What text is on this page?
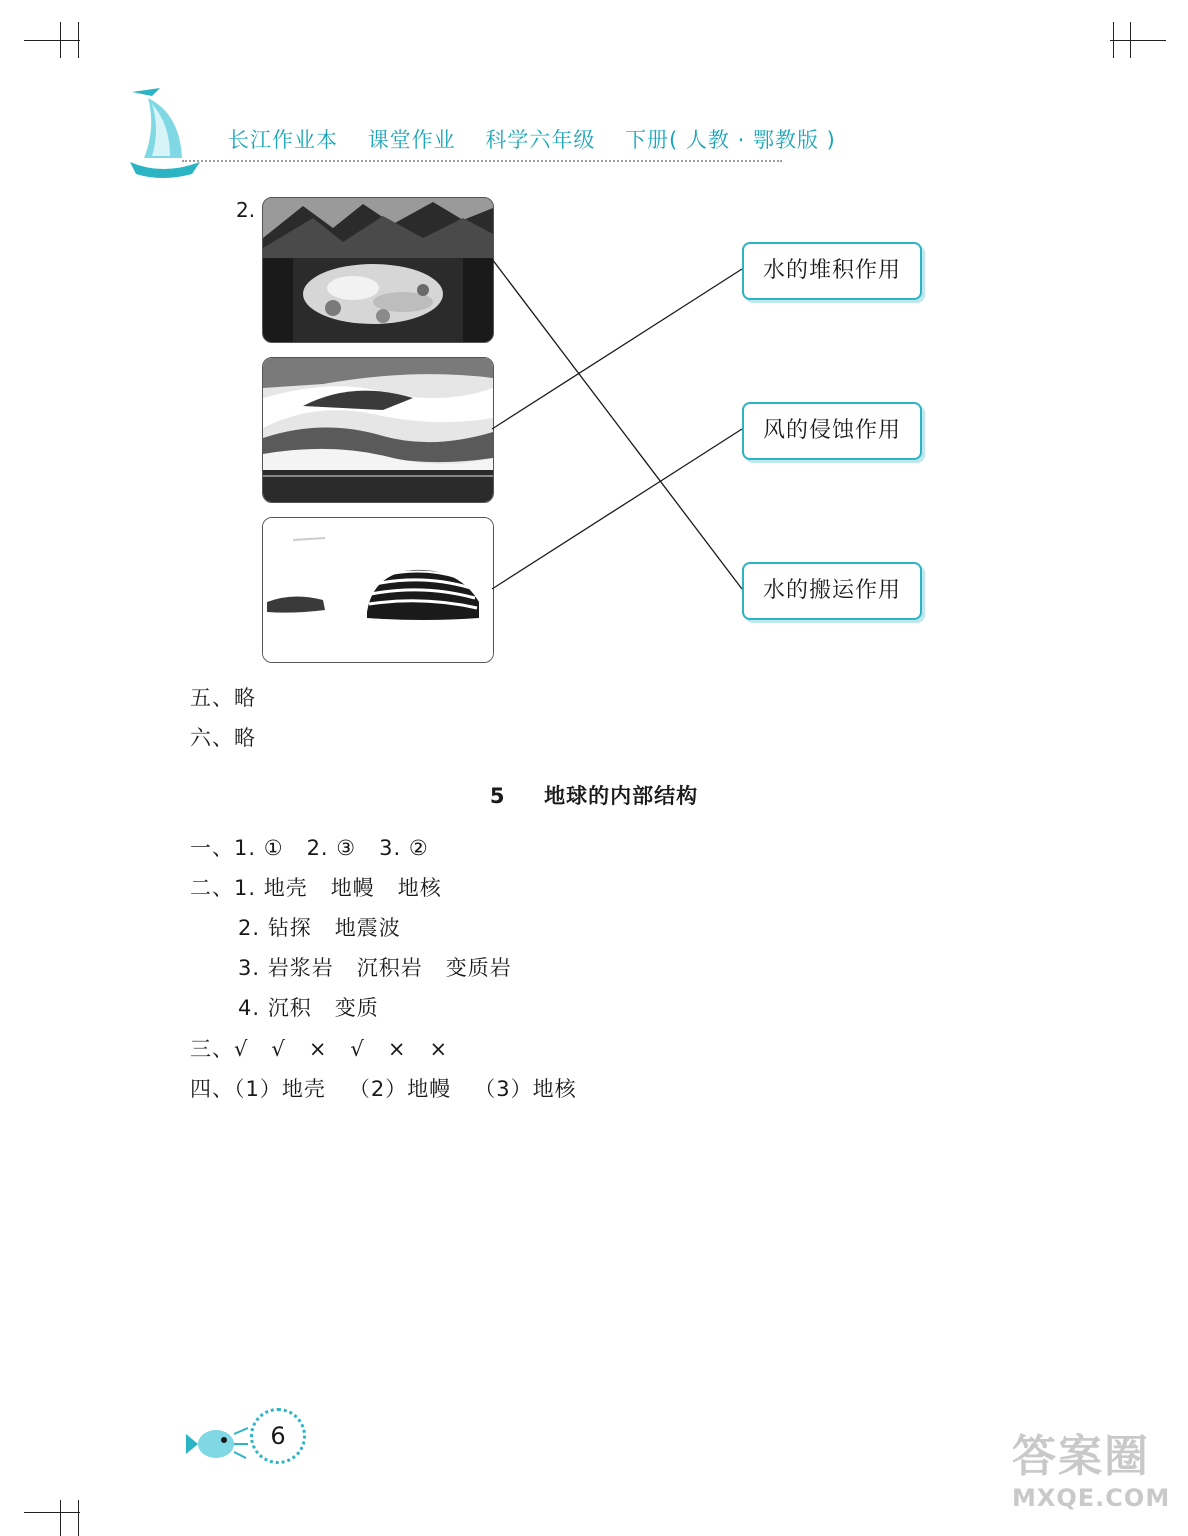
长江作业本 课堂作业 科学六年级 下册( 人教 · 鄂教版 )
2.
水的堆积作用
风的侵蚀作用
水的搬运作用
五、略
六、略
5 地球的内部结构
一、1. ①   2. ③   3. ②
二、1. 地壳   地幔   地核
2. 钻探   地震波
3. 岩浆岩   沉积岩   变质岩
4. 沉积   变质
三、√   √   ×   √   ×   ×
四、（1）地壳   （2）地幔   （3）地核
6	答案圈
MXQE.COM
